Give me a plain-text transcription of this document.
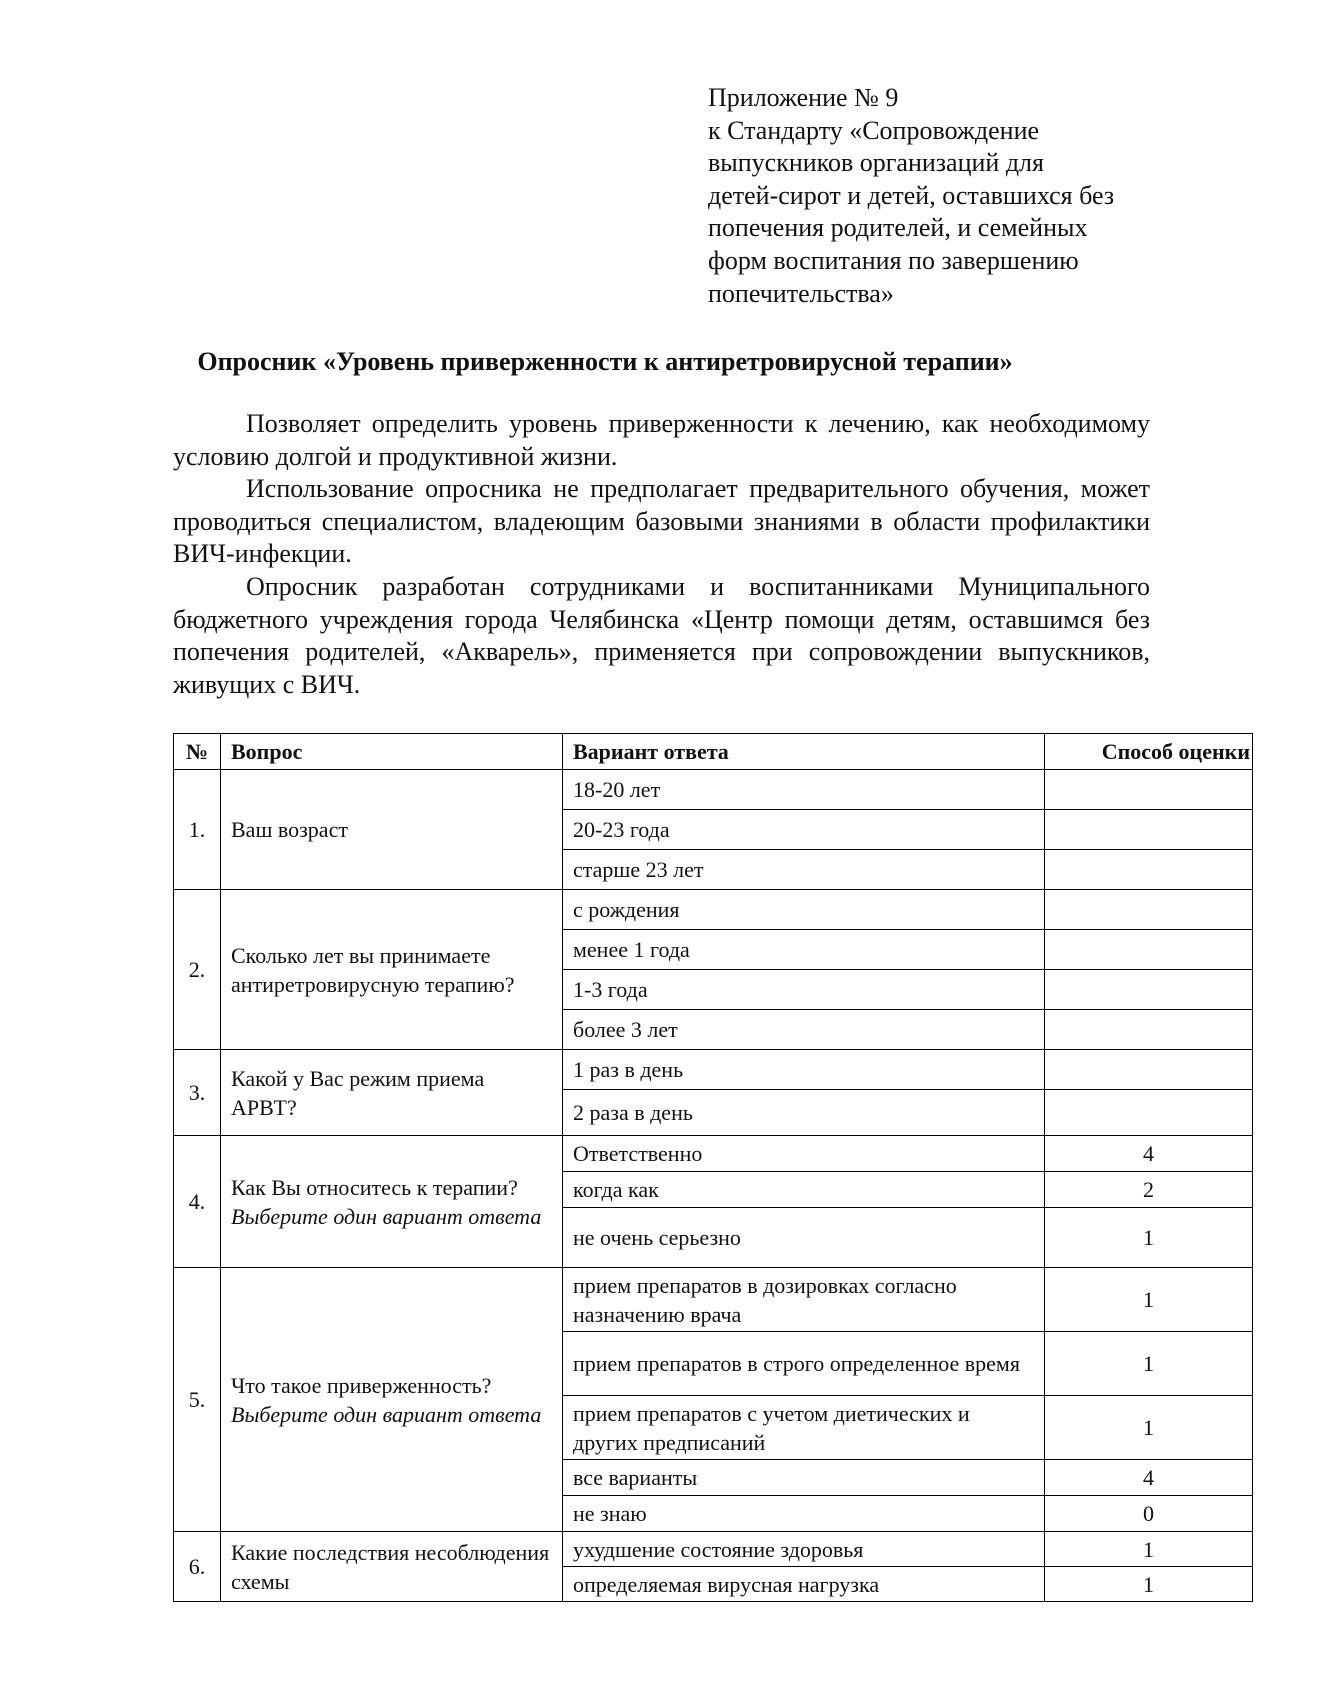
Приложение № 9
к Стандарту «Сопровождение
выпускников организаций для
детей-сирот и детей, оставшихся без
попечения родителей, и семейных
форм воспитания по завершению
попечительства»
Опросник «Уровень приверженности к антиретровирусной терапии»

Позволяет определить уровень приверженности к лечению, как необходимому условию долгой и продуктивной жизни.

Использование опросника не предполагает предварительного обучения, может проводиться специалистом, владеющим базовыми знаниями в области профилактики ВИЧ-инфекции.

Опросник разработан сотрудниками и воспитанниками Муниципального бюджетного учреждения города Челябинска «Центр помощи детям, оставшимся без попечения родителей, «Акварель», применяется при сопровождении выпускников, живущих с ВИЧ.

№	Вопрос	Вариант ответа	Способ оценки
1.	Ваш возраст	18-20 лет	
		20-23 года	
		старше 23 лет	
2.	Сколько лет вы принимаете антиретровирусную терапию?	с рождения	
		менее 1 года	
		1-3 года	
		более 3 лет	
3.	Какой у Вас режим приема АРВТ?	1 раз в день	
		2 раза в день	
4.	Как Вы относитесь к терапии?
Выберите один вариант ответа	Ответственно	4
		когда как	2
		не очень серьезно	1
5.	Что такое приверженность?
Выберите один вариант ответа	прием препаратов в дозировках согласно назначению врача	1
		прием препаратов в строго определенное время	1
		прием препаратов с учетом диетических и других предписаний	1
		все варианты	4
		не знаю	0
6.	Какие последствия несоблюдения схемы	ухудшение состояние здоровья	1
		определяемая вирусная нагрузка	1
